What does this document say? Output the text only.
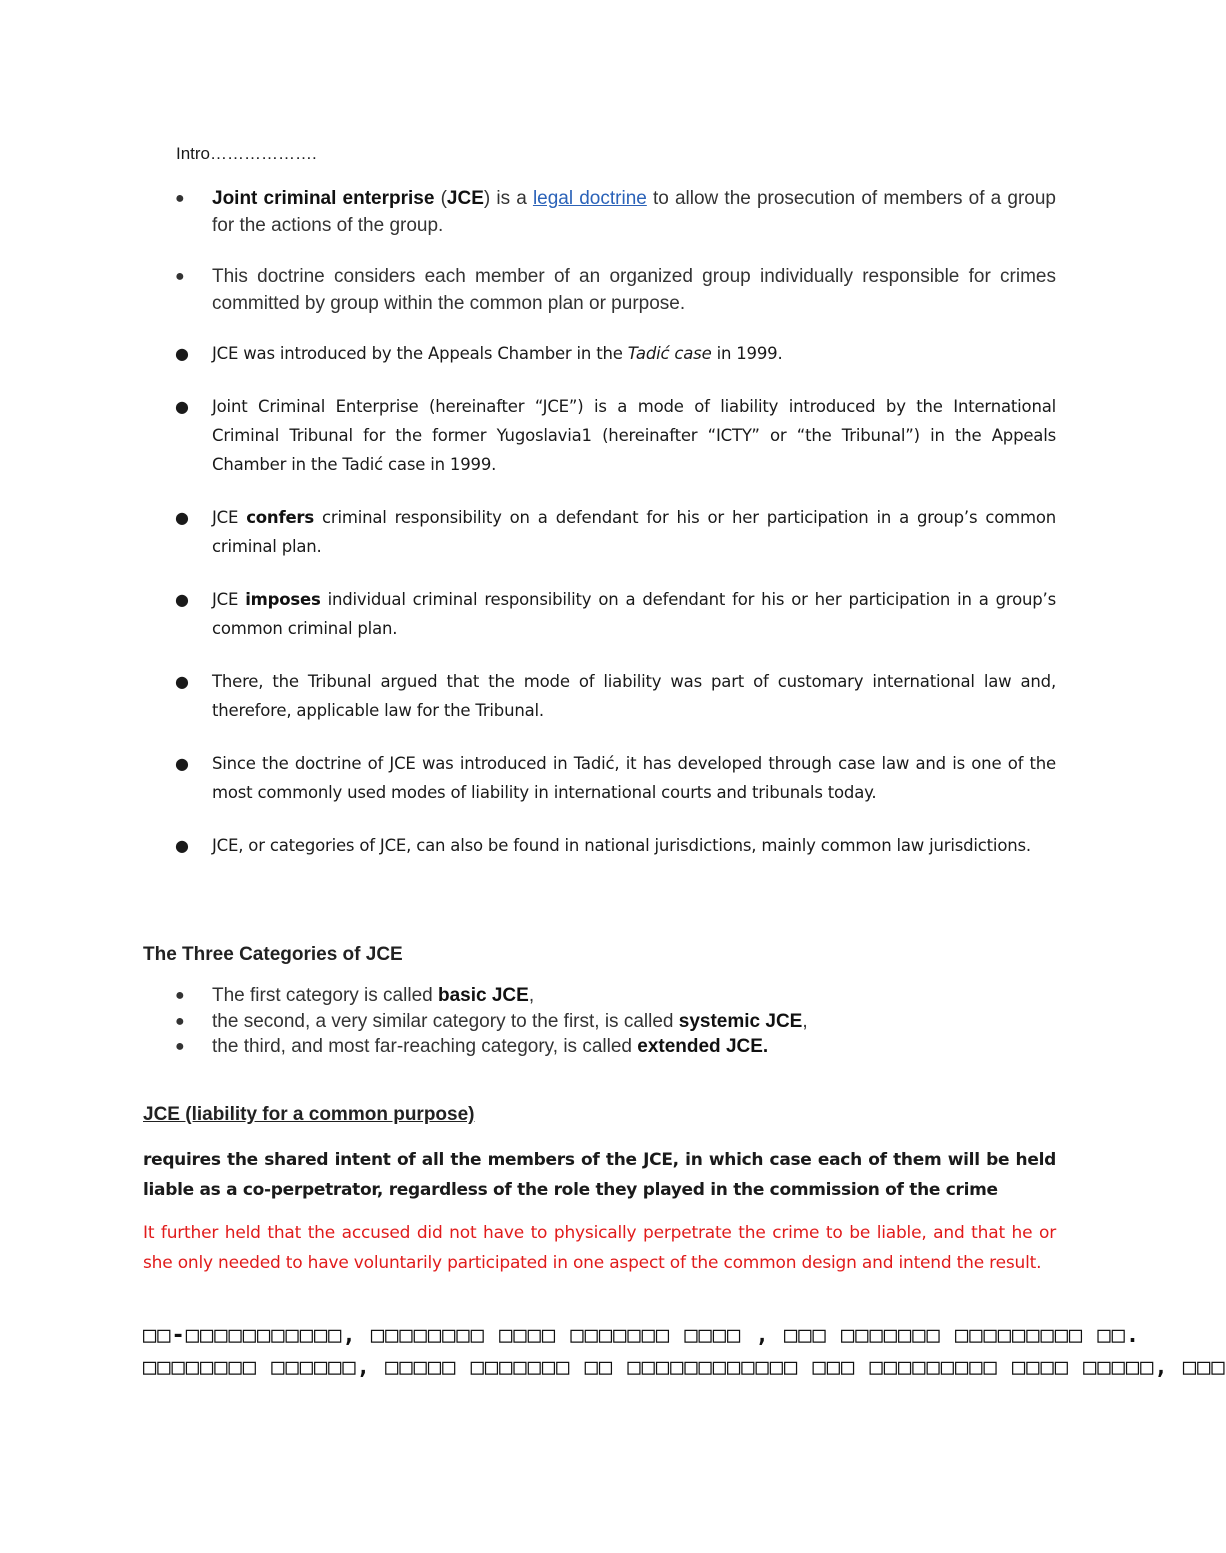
Intro……………….
● Joint criminal enterprise (JCE) is a legal doctrine to allow the prosecution of members of a group for the actions of the group.
● This doctrine considers each member of an organized group individually responsible for crimes committed by group within the common plan or purpose.
● JCE was introduced by the Appeals Chamber in the Tadić case in 1999.
● Joint Criminal Enterprise (hereinafter “JCE”) is a mode of liability introduced by the International Criminal Tribunal for the former Yugoslavia1 (hereinafter “ICTY” or “the Tribunal”) in the Appeals Chamber in the Tadić case in 1999.
● JCE confers criminal responsibility on a defendant for his or her participation in a group’s common criminal plan.
● JCE imposes individual criminal responsibility on a defendant for his or her participation in a group’s common criminal plan.
● There, the Tribunal argued that the mode of liability was part of customary international law and, therefore, applicable law for the Tribunal.
● Since the doctrine of JCE was introduced in Tadić, it has developed through case law and is one of the most commonly used modes of liability in international courts and tribunals today.
● JCE, or categories of JCE, can also be found in national jurisdictions, mainly common law jurisdictions.
The Three Categories of JCE
● The first category is called basic JCE,
● the second, a very similar category to the first, is called systemic JCE,
● the third, and most far-reaching category, is called extended JCE.
JCE (liability for a common purpose)
requires the shared intent of all the members of the JCE, in which case each of them will be held liable as a co-perpetrator, regardless of the role they played in the commission of the crime
It further held that the accused did not have to physically perpetrate the crime to be liable, and that he or she only needed to have voluntarily participated in one aspect of the common design and intend the result.
□□-□□□□□□□□□□□, □□□□□□□□ □□□□ □□□□□□□ □□□□ , □□□ □□□□□□□ □□□□□□□□□ □□.
□□□□□□□□ □□□□□□, □□□□□ □□□□□□□ □□ □□□□□□□□□□□□ □□□ □□□□□□□□□ □□□□ □□□□□, □□□
